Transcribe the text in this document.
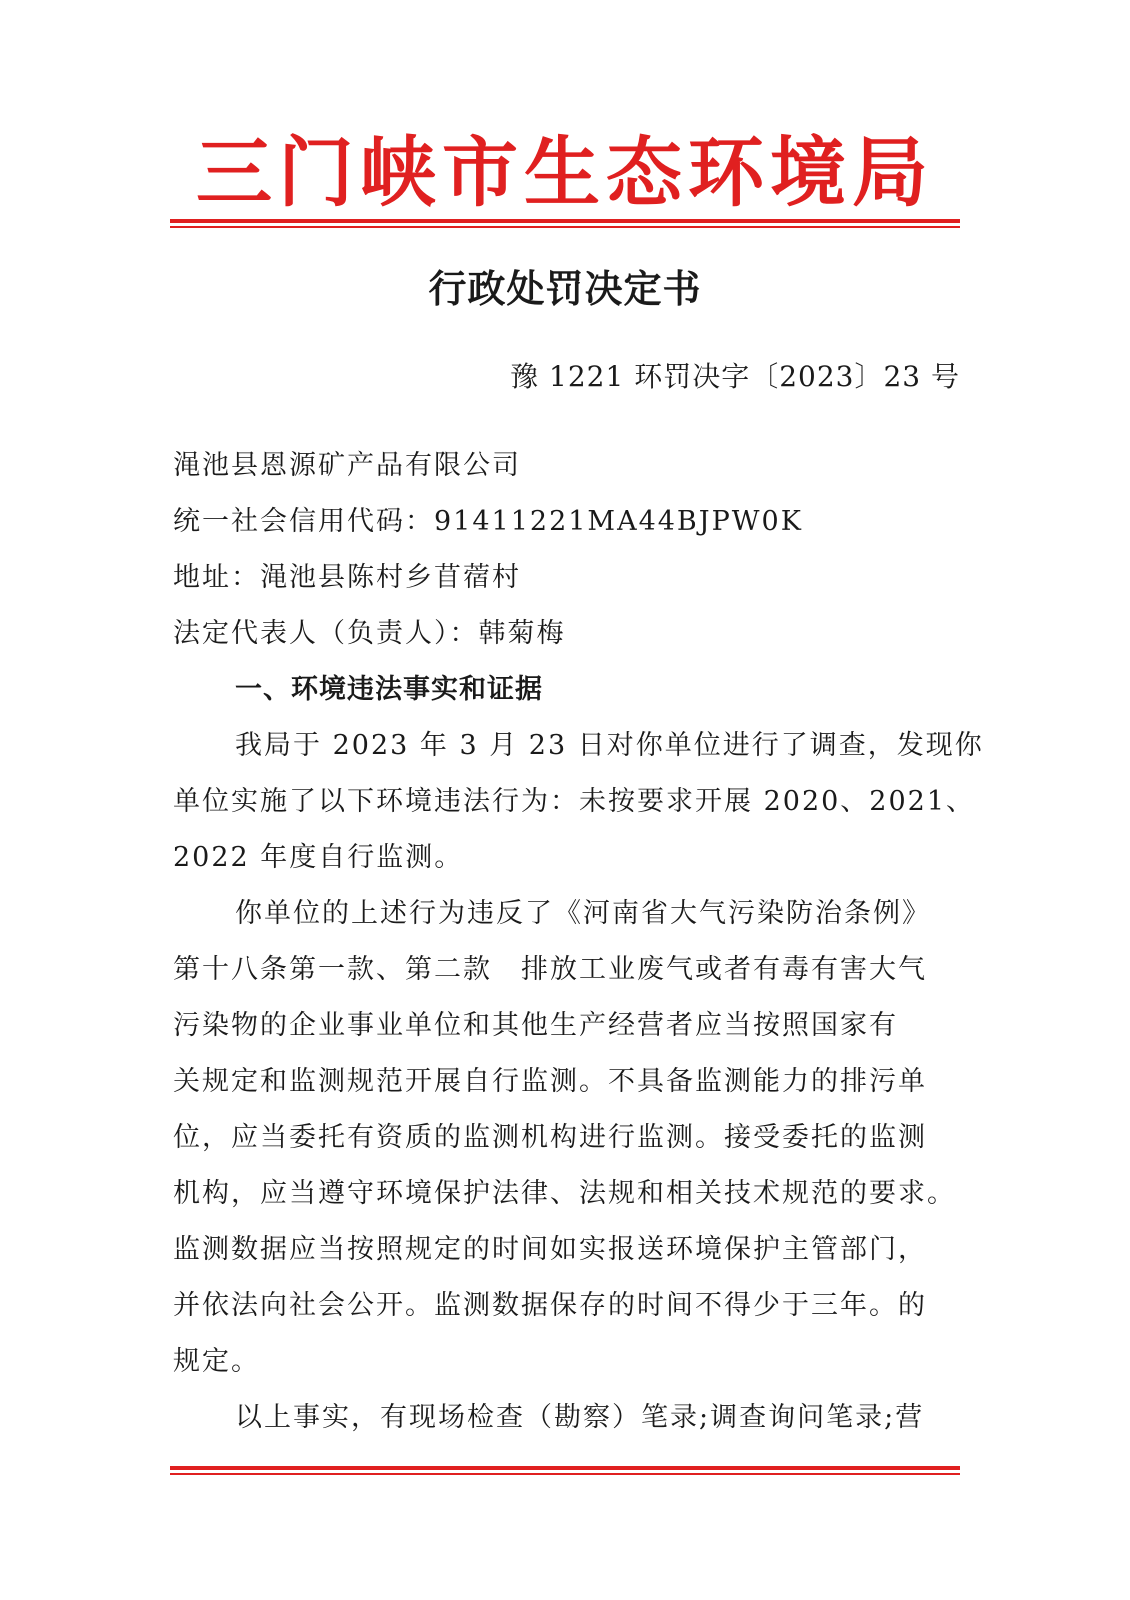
三门峡市生态环境局
行政处罚决定书
豫 1221 环罚决字〔2023〕23 号
渑池县恩源矿产品有限公司
统一社会信用代码：91411221MA44BJPW0K
地址：渑池县陈村乡苜蓿村
法定代表人（负责人）：韩菊梅
一、环境违法事实和证据
我局于 2023 年 3 月 23 日对你单位进行了调查，发现你
单位实施了以下环境违法行为：未按要求开展 2020、2021、
2022 年度自行监测。
你单位的上述行为违反了《河南省大气污染防治条例》
第十八条第一款、第二款　排放工业废气或者有毒有害大气
污染物的企业事业单位和其他生产经营者应当按照国家有
关规定和监测规范开展自行监测。不具备监测能力的排污单
位，应当委托有资质的监测机构进行监测。接受委托的监测
机构，应当遵守环境保护法律、法规和相关技术规范的要求。
监测数据应当按照规定的时间如实报送环境保护主管部门，
并依法向社会公开。监测数据保存的时间不得少于三年。的
规定。
以上事实，有现场检查（勘察）笔录;调查询问笔录;营
